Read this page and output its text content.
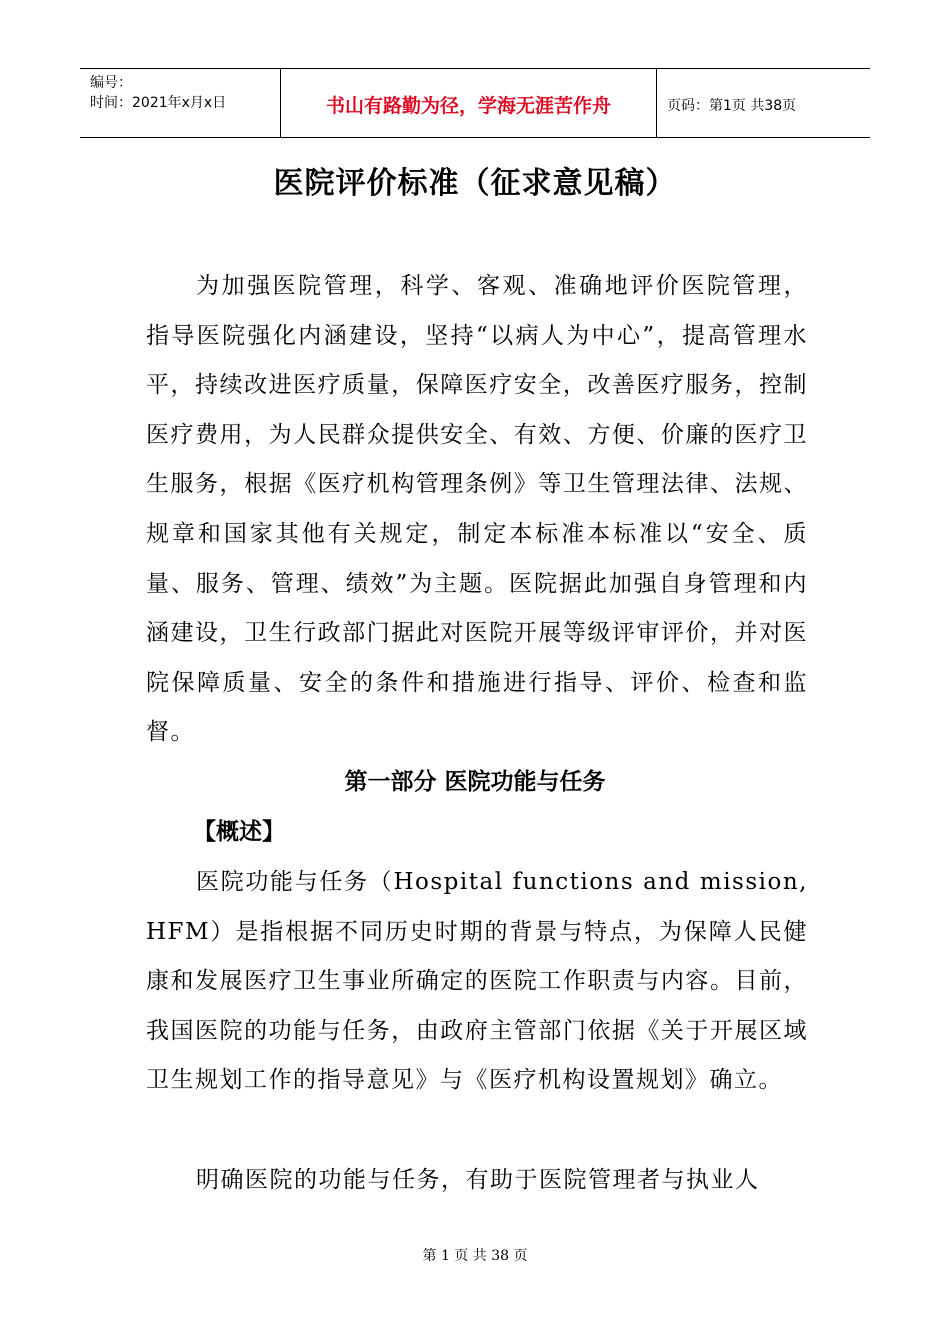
编号：
时间：2021年x月x日	书山有路勤为径，学海无涯苦作舟	页码：第1页 共38页
医院评价标准（征求意见稿）

为加强医院管理，科学、客观、准确地评价医院管理，指导医院强化内涵建设，坚持“以病人为中心”，提高管理水平，持续改进医疗质量，保障医疗安全，改善医疗服务，控制医疗费用，为人民群众提供安全、有效、方便、价廉的医疗卫生服务，根据《医疗机构管理条例》等卫生管理法律、法规、规章和国家其他有关规定，制定本标准本标准以“安全、质量、服务、管理、绩效”为主题。医院据此加强自身管理和内涵建设，卫生行政部门据此对医院开展等级评审评价，并对医院保障质量、安全的条件和措施进行指导、评价、检查和监督。

第一部分 医院功能与任务
【概述】

医院功能与任务（Hospital functions and mission, HFM）是指根据不同历史时期的背景与特点，为保障人民健康和发展医疗卫生事业所确定的医院工作职责与内容。目前，我国医院的功能与任务，由政府主管部门依据《关于开展区域卫生规划工作的指导意见》与《医疗机构设置规划》确立。

明确医院的功能与任务，有助于医院管理者与执业人

第 1 页 共 38 页
